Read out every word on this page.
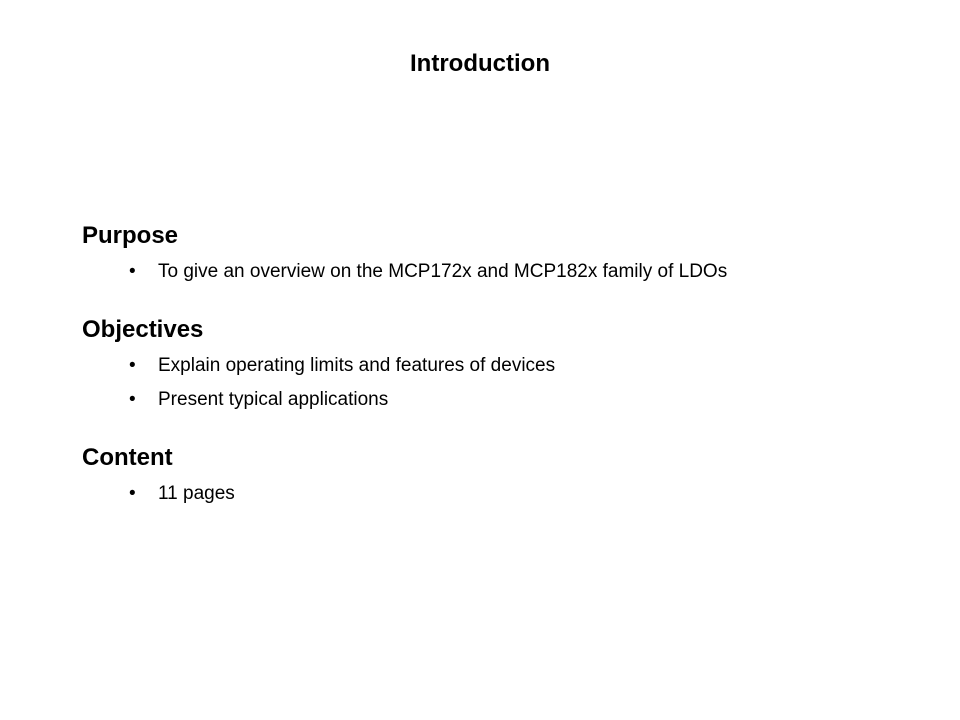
Introduction
Purpose
• To give an overview on the MCP172x and MCP182x family of LDOs
Objectives
• Explain operating limits and features of devices
• Present typical applications
Content
• 11 pages
